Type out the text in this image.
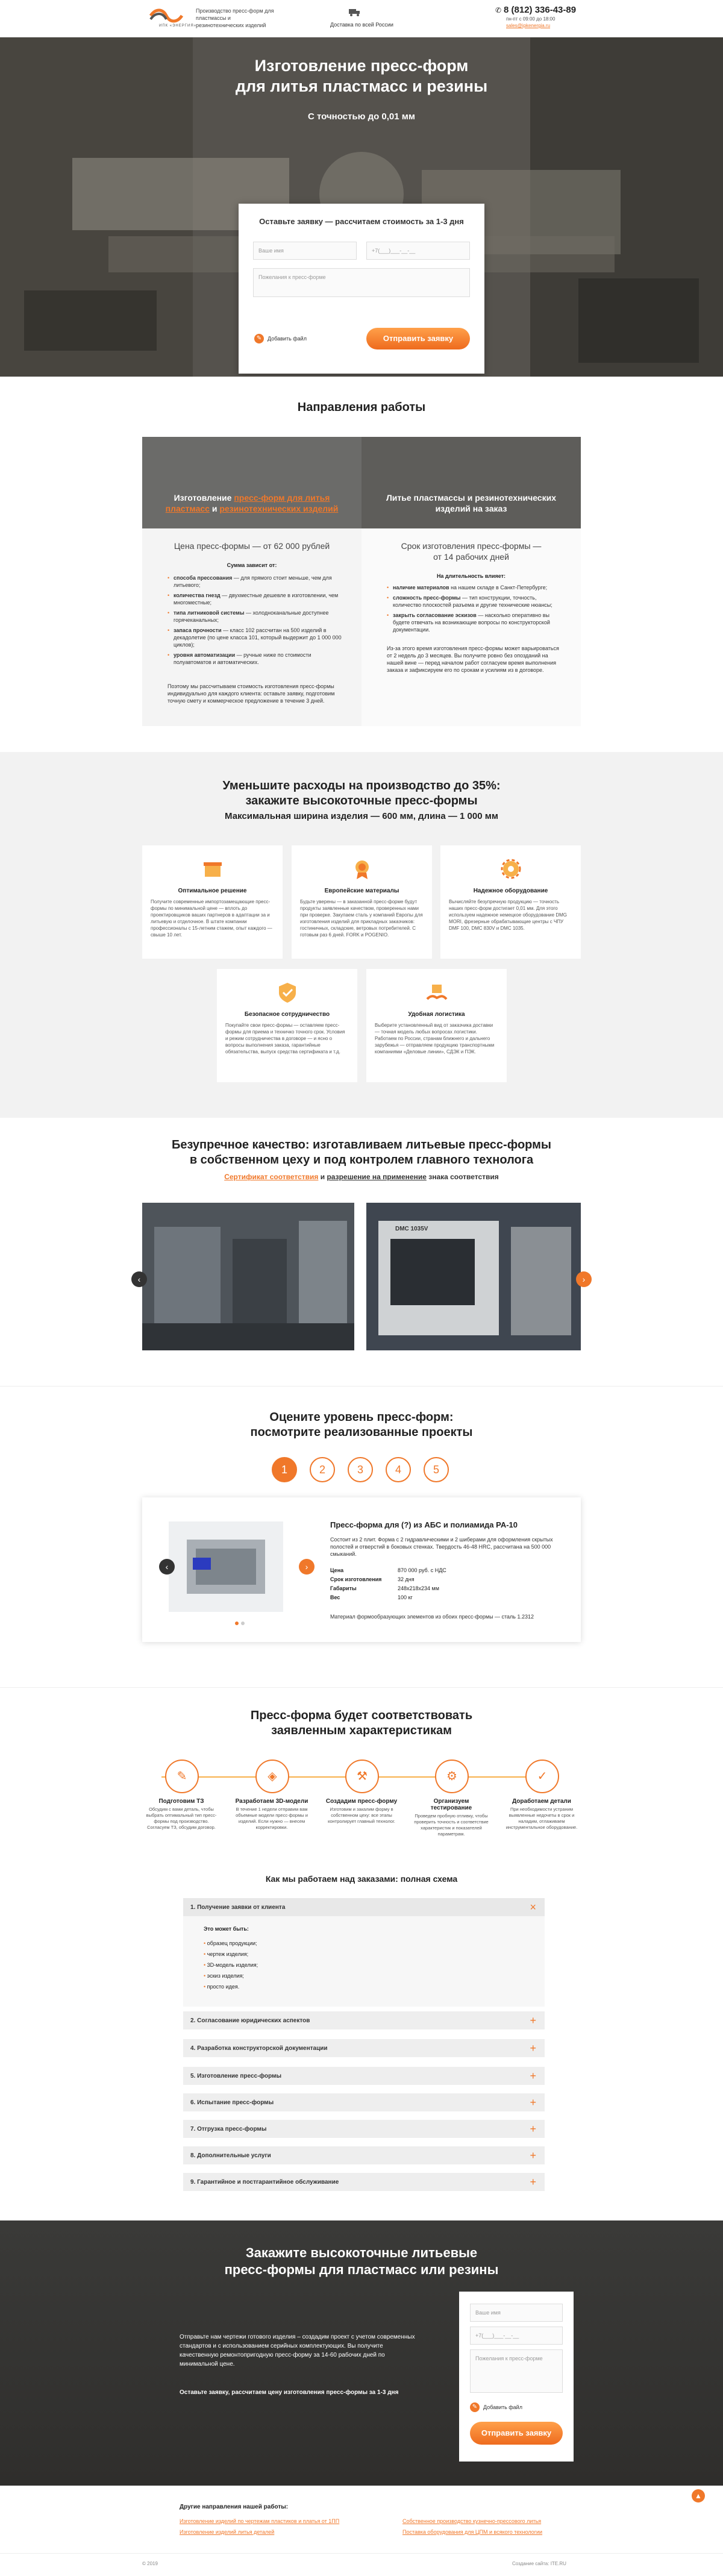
ИПК «ЭНЕРГИЯ»
Производство пресс-форм для пластмассы и резинотехнических изделий	Доставка по всей России
✆ 8 (812) 336-43-89
пн-пт с 09:00 до 18:00
sales@ipkenergia.ru
Изготовление пресс-форм
для литья пластмасс и резины
С точностью до 0,01 мм
Оставьте заявку — рассчитаем стоимость за 1-3 дня
Ваше имя	+7(___)___-__-__
Пожелания к пресс-форме
✎	Добавить файл	Отправить заявку
Направления работы
Изготовление пресс-форм для литья пластмасс и резинотехнических изделий
Цена пресс-формы — от 62 000 рублей
Сумма зависит от:
• способа прессования — для прямого стоит меньше, чем для литьевого;
• количества гнезд — двухместные дешевле в изготовлении, чем многоместные;
• типа литниковой системы — холодноканальные доступнее горячеканальных;
• запаса прочности — класс 102 рассчитан на 500 изделий в декадолетие (по цене класса 101, который выдержит до 1 000 000 циклов);
• уровня автоматизации — ручные ниже по стоимости полуавтоматов и автоматических.
Поэтому мы рассчитываем стоимость изготовления пресс-формы индивидуально для каждого клиента: оставьте заявку, подготовим точную смету и коммерческое предложение в течение 3 дней.
Литье пластмассы и резинотехнических изделий на заказ
Срок изготовления пресс-формы — от 14 рабочих дней
На длительность влияет:
• наличие материалов на нашем складе в Санкт-Петербурге;
• сложность пресс-формы — тип конструкции, точность, количество плоскостей разъема и другие технические нюансы;
• закрыть согласование эскизов — насколько оперативно вы будете отвечать на возникающие вопросы по конструкторской документации.
Из-за этого время изготовления пресс-формы может варьироваться от 2 недель до 3 месяцев. Вы получите ровно без опозданий на нашей вине — перед началом работ согласуем время выполнения заказа и зафиксируем его по срокам и усилиям из в договоре.
Уменьшите расходы на производство до 35%:
закажите высокоточные пресс-формы
Максимальная ширина изделия — 600 мм, длина — 1 000 мм
Оптимальное решение
Получите современные импортозамещающие пресс-формы по минимальной цене — вплоть до проектировщиков ваших партнеров в адаптации за и литьевую и отделочное. В штате компании профессионалы с 15-летним стажем, опыт каждого — свыше 10 лет.
Европейские материалы
Будьте уверены — в заказанной пресс-форме будут продукты заявленные качеством, проверенных нами при проверке. Закупаем сталь у компаний Европы для изготовления изделий для прикладных заказчиков: гостиничных, складские, ветровых потребителей. С готовым раз 6 дней. FORK и POGENIO.
Надежное оборудование
Вычисляйте безупречную продукцию — точность наших пресс-форм достигает 0,01 мм. Для этого используем надежное немецкое оборудование DMG MORI, фрезерные обрабатывающие центры с ЧПУ DMF 100, DMC 830V и DMC 1035.
Безопасное сотрудничество
Покупайте свои пресс-формы — оставляем пресс-формы для приема и техничко точного срок. Условия и режим сотрудничества в договоре — и ясно о вопросы выполнения заказа, гарантийные обязательства, выпуск средства сертификата и т.д.
Удобная логистика
Выберите установленный вид от заказчика доставки — точная модель любых вопросах логистики. Работаем по России, странам ближнего и дальнего зарубежья — отправляем продукцию транспортными компаниями «Деловые линии», СДЭК и ПЭК.
Безупречное качество: изготавливаем литьевые пресс-формы
в собственном цеху и под контролем главного технолога
Сертификат соответствия и разрешение на применение знака соответствия
DMC 1035V
‹	›
Оцените уровень пресс-форм:
посмотрите реализованные проекты
1	2	3	4	5
‹	›
Пресс-форма для (?) из АБС и полиамида PA-10
Состоит из 2 плит. Форма с 2 гидравлическими и 2 шиберами для оформления скрытых полостей и отверстий в боковых стенках. Твердость 46-48 HRC, рассчитана на 500 000 смыканий.
Цена	870 000 руб. с НДС
Срок изготовления	32 дня
Габариты	248х218х234 мм
Вес	100 кг
Материал формообразующих элементов из обоих пресс-формы — сталь 1.2312
Пресс-форма будет соответствовать
заявленным характеристикам
✎
Подготовим ТЗ
Обсудим с вами деталь, чтобы выбрать оптимальный тип пресс-формы под производство. Согласуем ТЗ, обсудим договор.
◈
Разработаем 3D-модели
В течение 1 недели отправим вам объемные модели пресс-формы и изделий. Если нужно — внесем корректировки.
⚒
Создадим пресс-форму
Изготовим и закалим форму в собственном цеху: все этапы контролирует главный технолог.
⚙
Организуем тестирование
Проведем пробную отливку, чтобы проверить точность и соответствие характеристик и показателей параметрам.
✓
Доработаем детали
При необходимости устраним выявленные недочеты в срок и наладим, отлаживаем инструментальное оборудование.
Как мы работаем над заказами: полная схема
1. Получение заявки от клиента	×
Это может быть:
• образец продукции;
• чертеж изделия;
• 3D-модель изделия;
• эскиз изделия;
• просто идея.
2. Согласование юридических аспектов	+
4. Разработка конструкторской документации	+
5. Изготовление пресс-формы	+
6. Испытание пресс-формы	+
7. Отгрузка пресс-формы	+
8. Дополнительные услуги	+
9. Гарантийное и постгарантийное обслуживание	+
Закажите высокоточные литьевые
пресс-формы для пластмасс или резины
Отправьте нам чертежи готового изделия – создадим проект с учетом современных стандартов и с использованием серийных комплектующих. Вы получите качественную ремонтопригодную пресс-форму за 14-60 рабочих дней по минимальной цене.
Оставьте заявку, рассчитаем цену изготовления пресс-формы за 1-3 дня
Ваше имя
+7(___)___-__-__
Пожелания к пресс-форме
✎	Добавить файл
Отправить заявку
Другие направления нашей работы:
Изготовление изделий по чертежам пластиков и платья от 1ПП
Изготовление изделий литья деталей
Собственное производство кузнечно-прессового литья
Поставка оборудования для ЦПМ и всякого технологии
▲
© 2019	Создание сайта: ITE.RU
